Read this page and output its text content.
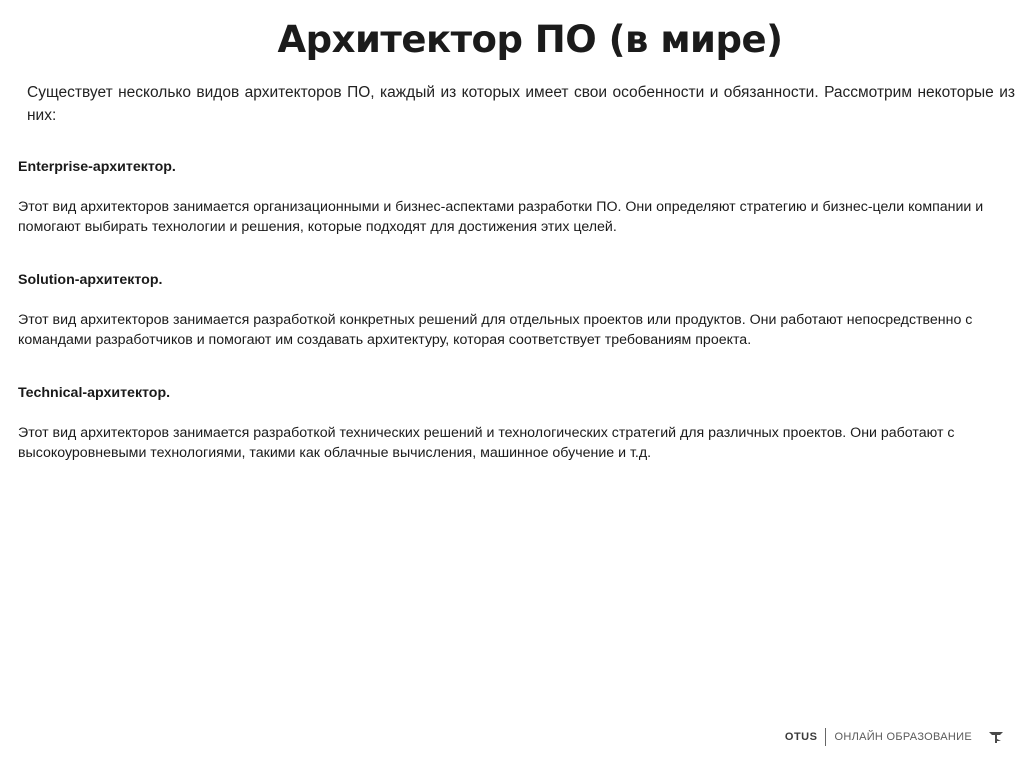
Архитектор ПО (в мире)
Существует несколько видов архитекторов ПО, каждый из которых имеет свои особенности и обязанности. Рассмотрим некоторые из них:
Enterprise-архитектор.

Этот вид архитекторов занимается организационными и бизнес-аспектами разработки ПО. Они определяют стратегию и бизнес-цели компании и помогают выбирать технологии и решения, которые подходят для достижения этих целей.

Solution-архитектор.

Этот вид архитекторов занимается разработкой конкретных решений для отдельных проектов или продуктов. Они работают непосредственно с командами разработчиков и помогают им создавать архитектуру, которая соответствует требованиям проекта.

Technical-архитектор.

Этот вид архитекторов занимается разработкой технических решений и технологических стратегий для различных проектов. Они работают с высокоуровневыми технологиями, такими как облачные вычисления, машинное обучение и т.д.

OTUS ОНЛАЙН ОБРАЗОВАНИЕ
